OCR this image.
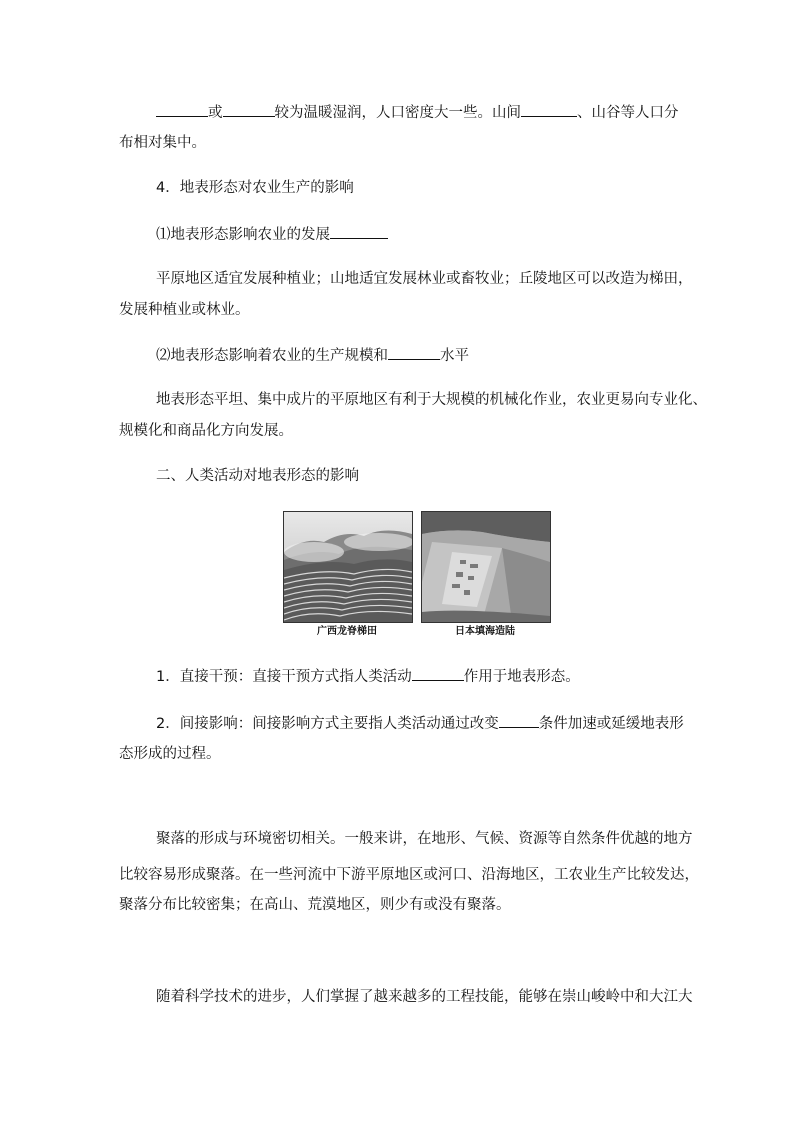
或	较为温暖湿润，人口密度大一些。山间	、山谷等人口分
布相对集中。
4．地表形态对农业生产的影响
⑴地表形态影响农业的发展
平原地区适宜发展种植业；山地适宜发展林业或畜牧业；丘陵地区可以改造为梯田，
发展种植业或林业。
⑵地表形态影响着农业的生产规模和	水平
地表形态平坦、集中成片的平原地区有利于大规模的机械化作业，农业更易向专业化、
规模化和商品化方向发展。
二、人类活动对地表形态的影响
广西龙脊梯田	日本填海造陆
1．直接干预：直接干预方式指人类活动	作用于地表形态。
2．间接影响：间接影响方式主要指人类活动通过改变	条件加速或延缓地表形
态形成的过程。
聚落的形成与环境密切相关。一般来讲，在地形、气候、资源等自然条件优越的地方
比较容易形成聚落。在一些河流中下游平原地区或河口、沿海地区，工农业生产比较发达，
聚落分布比较密集；在高山、荒漠地区，则少有或没有聚落。
随着科学技术的进步，人们掌握了越来越多的工程技能，能够在崇山峻岭中和大江大
